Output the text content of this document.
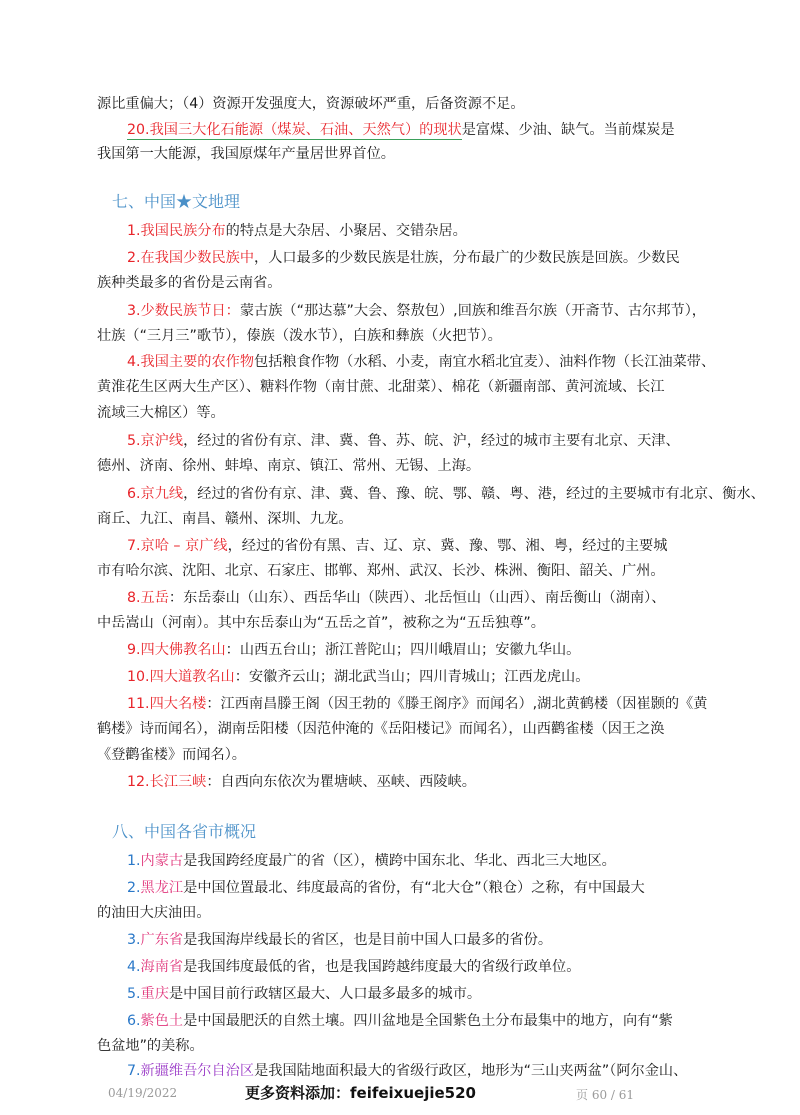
源比重偏大；（4）资源开发强度大，资源破坏严重，后备资源不足。

20.我国三大化石能源（煤炭、石油、天然气）的现状是富煤、少油、缺气。当前煤炭是

我国第一大能源，我国原煤年产量居世界首位。

七、中国★文地理

1.我国民族分布的特点是大杂居、小聚居、交错杂居。

2.在我国少数民族中，人口最多的少数民族是壮族，分布最广的少数民族是回族。少数民

族种类最多的省份是云南省。

3.少数民族节日：蒙古族（“那达慕”大会、祭敖包）,回族和维吾尔族（开斋节、古尔邦节），

壮族（“三月三”歌节），傣族（泼水节），白族和彝族（火把节）。

4.我国主要的农作物包括粮食作物（水稻、小麦，南宜水稻北宜麦）、油料作物（长江油菜带、

黄淮花生区两大生产区）、糖料作物（南甘蔗、北甜菜）、棉花（新疆南部、黄河流域、长江

流域三大棉区）等。

5.京沪线，经过的省份有京、津、冀、鲁、苏、皖、沪，经过的城市主要有北京、天津、

德州、济南、徐州、蚌埠、南京、镇江、常州、无锡、上海。

6.京九线，经过的省份有京、津、冀、鲁、豫、皖、鄂、赣、粤、港，经过的主要城市有北京、衡水、

商丘、九江、南昌、赣州、深圳、九龙。

7.京哈 – 京广线，经过的省份有黑、吉、辽、京、冀、豫、鄂、湘、粤，经过的主要城

市有哈尔滨、沈阳、北京、石家庄、邯郸、郑州、武汉、长沙、株洲、衡阳、韶关、广州。

8.五岳：东岳泰山（山东）、西岳华山（陕西）、北岳恒山（山西）、南岳衡山（湖南）、

中岳嵩山（河南）。其中东岳泰山为“五岳之首”，被称之为“五岳独尊”。

9.四大佛教名山：山西五台山；浙江普陀山；四川峨眉山；安徽九华山。

10.四大道教名山：安徽齐云山；湖北武当山；四川青城山；江西龙虎山。

11.四大名楼：江西南昌滕王阁（因王勃的《滕王阁序》而闻名）,湖北黄鹤楼（因崔颢的《黄

鹤楼》诗而闻名），湖南岳阳楼（因范仲淹的《岳阳楼记》而闻名），山西鹳雀楼（因王之涣

《登鹳雀楼》而闻名）。

12.长江三峡：自西向东依次为瞿塘峡、巫峡、西陵峡。

八、中国各省市概况

1.内蒙古是我国跨经度最广的省（区），横跨中国东北、华北、西北三大地区。

2.黑龙江是中国位置最北、纬度最高的省份，有“北大仓”（粮仓）之称，有中国最大

的油田大庆油田。

3.广东省是我国海岸线最长的省区，也是目前中国人口最多的省份。

4.海南省是我国纬度最低的省，也是我国跨越纬度最大的省级行政单位。

5.重庆是中国目前行政辖区最大、人口最多最多的城市。

6.紫色土是中国最肥沃的自然土壤。四川盆地是全国紫色土分布最集中的地方，向有“紫

色盆地”的美称。

7.新疆维吾尔自治区是我国陆地面积最大的省级行政区，地形为“三山夹两盆”（阿尔金山、

04/19/2022	更多资料添加：feifeixuejie520	页 60 / 61
